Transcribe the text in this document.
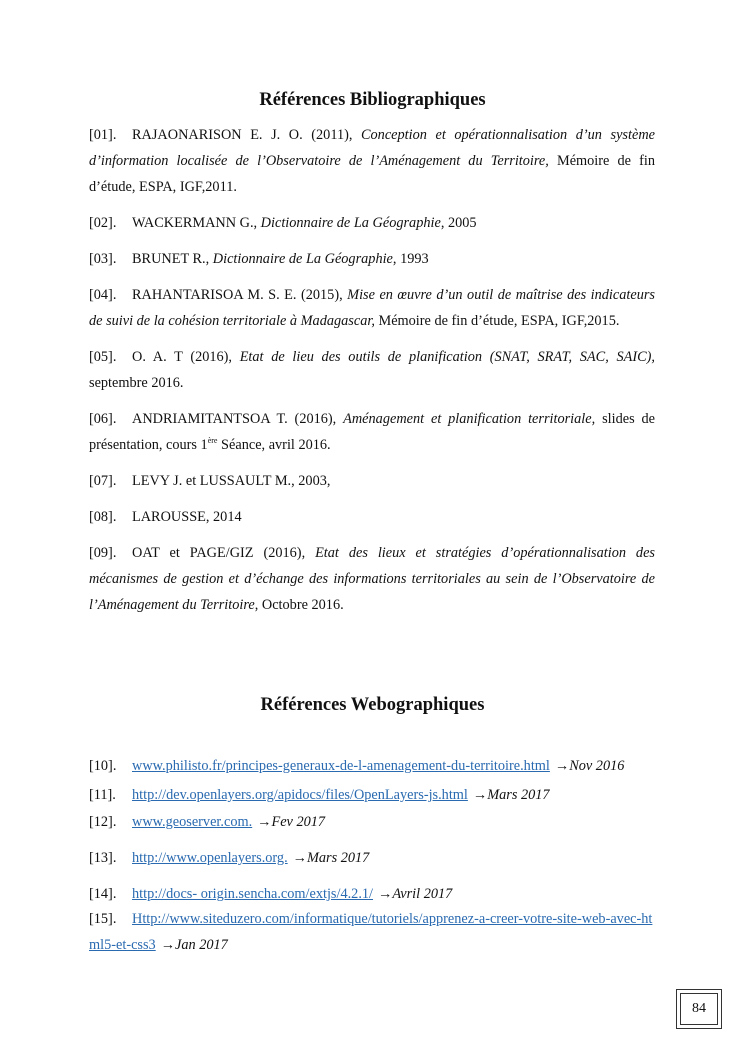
Références Bibliographiques

[01]. RAJAONARISON E. J. O. (2011), Conception et opérationnalisation d’un système d’information localisée de l’Observatoire de l’Aménagement du Territoire, Mémoire de fin d’étude, ESPA, IGF,2011.

[02]. WACKERMANN G., Dictionnaire de La Géographie, 2005

[03]. BRUNET R., Dictionnaire de La Géographie, 1993

[04]. RAHANTARISOA M. S. E. (2015), Mise en œuvre d’un outil de maîtrise des indicateurs de suivi de la cohésion territoriale à Madagascar, Mémoire de fin d’étude, ESPA, IGF,2015.

[05]. O. A. T (2016), Etat de lieu des outils de planification (SNAT, SRAT, SAC, SAIC), septembre 2016.

[06]. ANDRIAMITANTSOA T. (2016), Aménagement et planification territoriale, slides de présentation, cours 1ère Séance, avril 2016.

[07]. LEVY J. et LUSSAULT M., 2003,

[08]. LAROUSSE, 2014

[09]. OAT et PAGE/GIZ (2016), Etat des lieux et stratégies d’opérationnalisation des mécanismes de gestion et d’échange des informations territoriales au sein de l’Observatoire de l’Aménagement du Territoire, Octobre 2016.

Références Webographiques
[10]. www.philisto.fr/principes-generaux-de-l-amenagement-du-territoire.html →Nov 2016
[11]. http://dev.openlayers.org/apidocs/files/OpenLayers-js.html →Mars 2017
[12]. www.geoserver.com. →Fev 2017
[13]. http://www.openlayers.org. →Mars 2017
[14]. http://docs- origin.sencha.com/extjs/4.2.1/ →Avril 2017
[15]. Http://www.siteduzero.com/informatique/tutoriels/apprenez-a-creer-votre-site-web-avec-html5-et-css3 →Jan 2017
84
